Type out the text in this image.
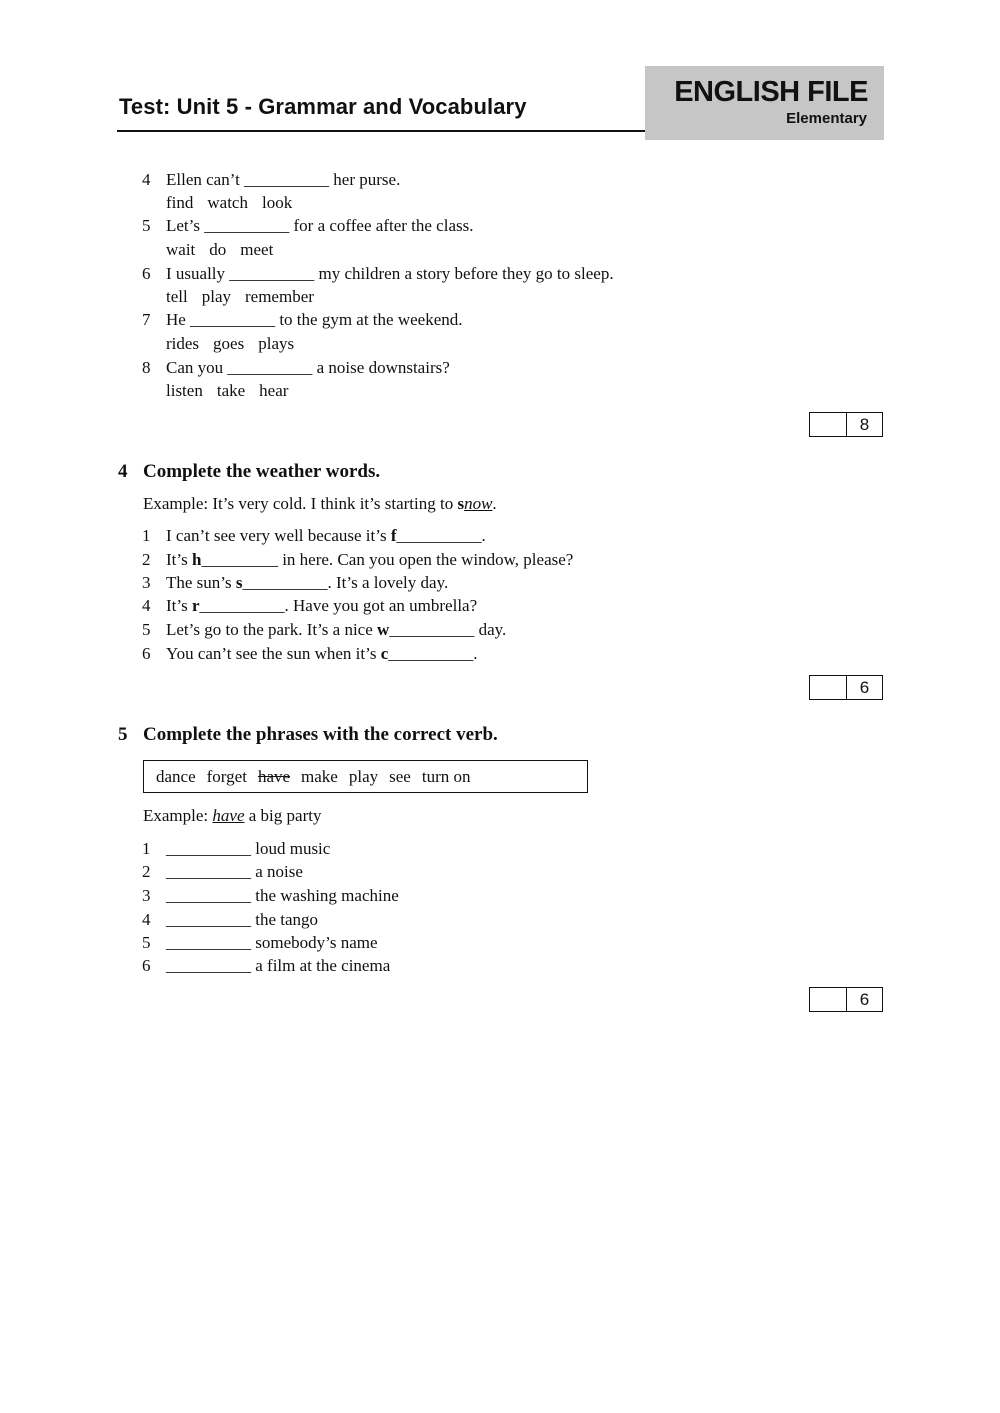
Test: Unit 5 - Grammar and Vocabulary	ENGLISH FILE
Elementary
4 Ellen can’t __________ her purse.
find watch look
5 Let’s __________ for a coffee after the class.
wait do meet
6 I usually __________ my children a story before they go to sleep.
tell play remember
7 He __________ to the gym at the weekend.
rides goes plays
8 Can you __________ a noise downstairs?
listen take hear
8
4 Complete the weather words.
Example: It’s very cold. I think it’s starting to snow.
1 I can’t see very well because it’s f__________.
2 It’s h_________ in here. Can you open the window, please?
3 The sun’s s__________. It’s a lovely day.
4 It’s r__________. Have you got an umbrella?
5 Let’s go to the park. It’s a nice w__________ day.
6 You can’t see the sun when it’s c__________.
6
5 Complete the phrases with the correct verb.
dance forget have make play see turn on
Example: have a big party
1 __________ loud music
2 __________ a noise
3 __________ the washing machine
4 __________ the tango
5 __________ somebody’s name
6 __________ a film at the cinema
6
